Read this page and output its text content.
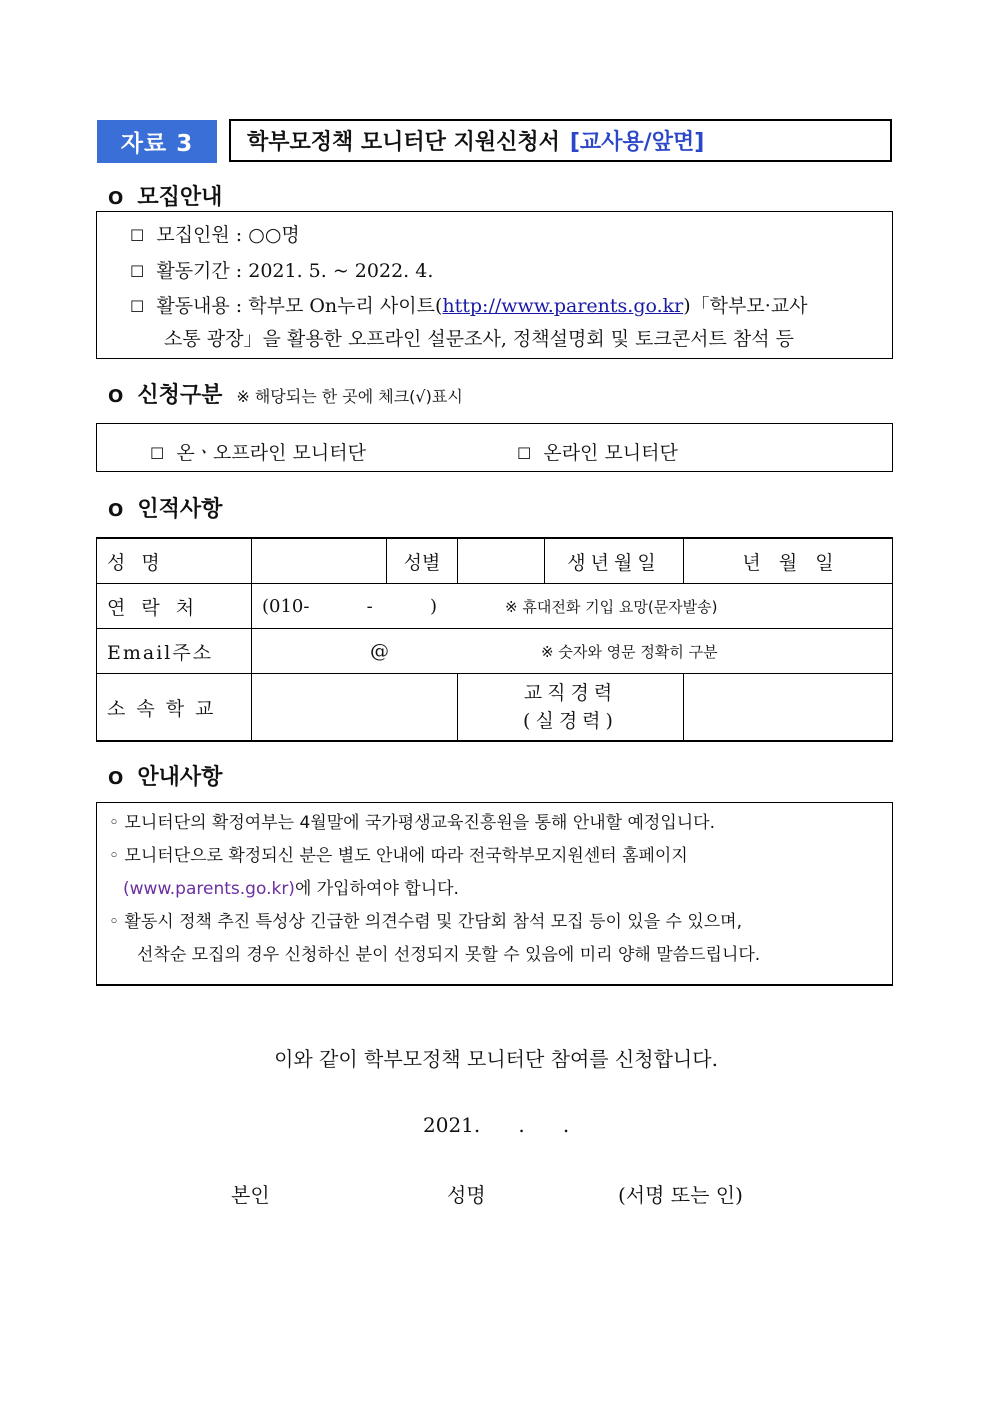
자료 3	학부모정책 모니터단 지원신청서 [교사용/앞면]
O 모집안내
☐ 모집인원 : ○○명
☐ 활동기간 : 2021. 5. ~ 2022. 4.
☐ 활동내용 : 학부모 On누리 사이트(http://www.parents.go.kr)「학부모·교사
소통 광장」을 활용한 오프라인 설문조사, 정책설명회 및 토크콘서트 참석 등
O 신청구분 ※ 해당되는 한 곳에 체크(√)표시
☐ 온ㆍ오프라인 모니터단	☐ 온라인 모니터단
O 인적사항
성명		성별		생년월일	년   월   일
연락처	(010-          -          ) ※ 휴대전화 기입 요망(문자발송)				
Email주소	@ ※ 숫자와 영문 정확히 구분				
소속학교			교직경력
(실경력)		

O 안내사항

◦ 모니터단의 확정여부는 4월말에 국가평생교육진흥원을 통해 안내할 예정입니다.

◦ 모니터단으로 확정되신 분은 별도 안내에 따라 전국학부모지원센터 홈페이지

(www.parents.go.kr)에 가입하여야 합니다.

◦ 활동시 정책 추진 특성상 긴급한 의견수렴 및 간담회 참석 모집 등이 있을 수 있으며,

선착순 모집의 경우 신청하신 분이 선정되지 못할 수 있음에 미리 양해 말씀드립니다.

이와 같이 학부모정책 모니터단 참여를 신청합니다.
2021.      .      .
본인	성명	(서명 또는 인)
